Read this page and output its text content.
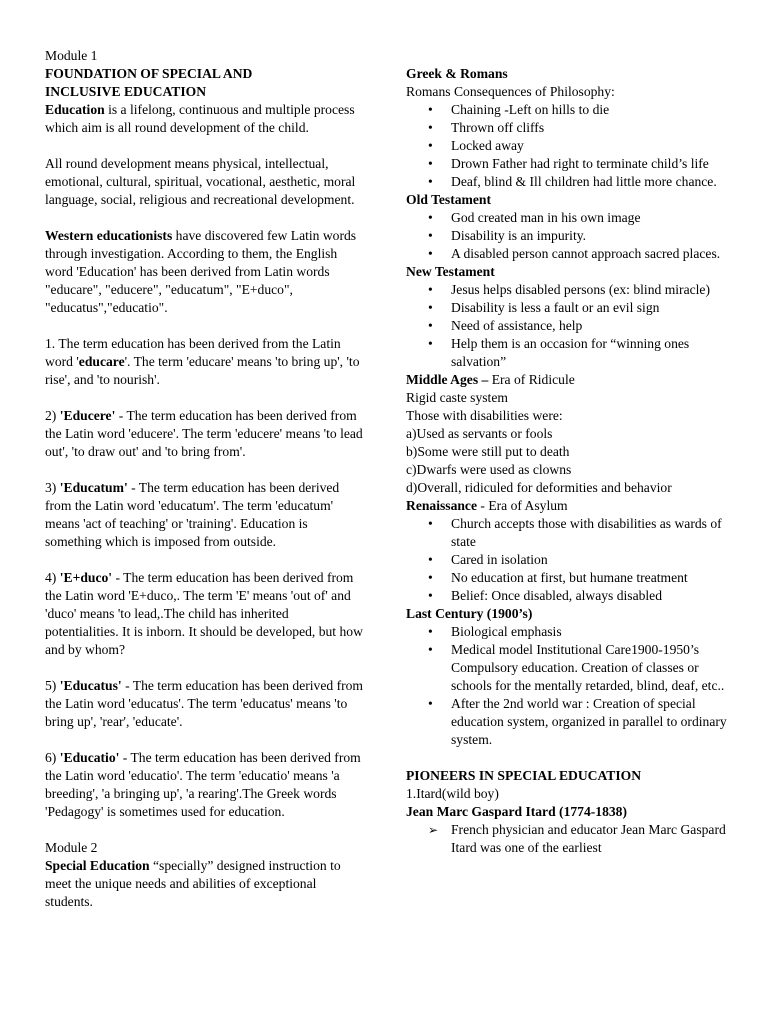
Module 1

FOUNDATION OF SPECIAL AND

INCLUSIVE EDUCATION

Education is a lifelong, continuous and multiple process which aim is all round development of the child.

All round development means physical, intellectual, emotional, cultural, spiritual, vocational, aesthetic, moral language, social, religious and recreational development.

Western educationists have discovered few Latin words through investigation. According to them, the English word 'Education' has been derived from Latin words "educare", "educere", "educatum", "E+duco", "educatus","educatio".

1. The term education has been derived from the Latin word 'educare'. The term 'educare' means 'to bring up', 'to rise', and 'to nourish'.

2) 'Educere' - The term education has been derived from the Latin word 'educere'. The term 'educere' means 'to lead out', 'to draw out' and 'to bring from'.

3) 'Educatum' - The term education has been derived from the Latin word 'educatum'. The term 'educatum' means 'act of teaching' or 'training'. Education is something which is imposed from outside.

4) 'E+duco' - The term education has been derived from the Latin word 'E+duco,. The term 'E' means 'out of' and 'duco' means 'to lead,.The child has inherited potentialities. It is inborn. It should be developed, but how and by whom?

5) 'Educatus' - The term education has been derived from the Latin word 'educatus'. The term 'educatus' means 'to bring up', 'rear', 'educate'.

6) 'Educatio' - The term education has been derived from the Latin word 'educatio'. The term 'educatio' means 'a breeding', 'a bringing up', 'a rearing'.The Greek words 'Pedagogy' is sometimes used for education.

Module 2

Special Education “specially” designed instruction to meet the unique needs and abilities of exceptional students.

Greek & Romans

Romans Consequences of Philosophy:

• Chaining -Left on hills to die
• Thrown off cliffs
• Locked away
• Drown Father had right to terminate child’s life
• Deaf, blind & Ill children had little more chance.

Old Testament

• God created man in his own image
• Disability is an impurity.
• A disabled person cannot approach sacred places.

New Testament

• Jesus helps disabled persons (ex: blind miracle)
• Disability is less a fault or an evil sign
• Need of assistance, help
• Help them is an occasion for “winning ones salvation”

Middle Ages – Era of Ridicule

Rigid caste system

Those with disabilities were:

a)Used as servants or fools

b)Some were still put to death

c)Dwarfs were used as clowns

d)Overall, ridiculed for deformities and behavior

Renaissance - Era of Asylum

• Church accepts those with disabilities as wards of state
• Cared in isolation
• No education at first, but humane treatment
• Belief: Once disabled, always disabled

Last Century (1900’s)

• Biological emphasis
• Medical model Institutional Care1900-1950’s Compulsory education. Creation of classes or schools for the mentally retarded, blind, deaf, etc..
• After the 2nd world war : Creation of special education system, organized in parallel to ordinary system.

PIONEERS IN SPECIAL EDUCATION

1.Itard(wild boy)

Jean Marc Gaspard Itard (1774-1838)

➢ French physician and educator Jean Marc Gaspard Itard was one of the earliest
